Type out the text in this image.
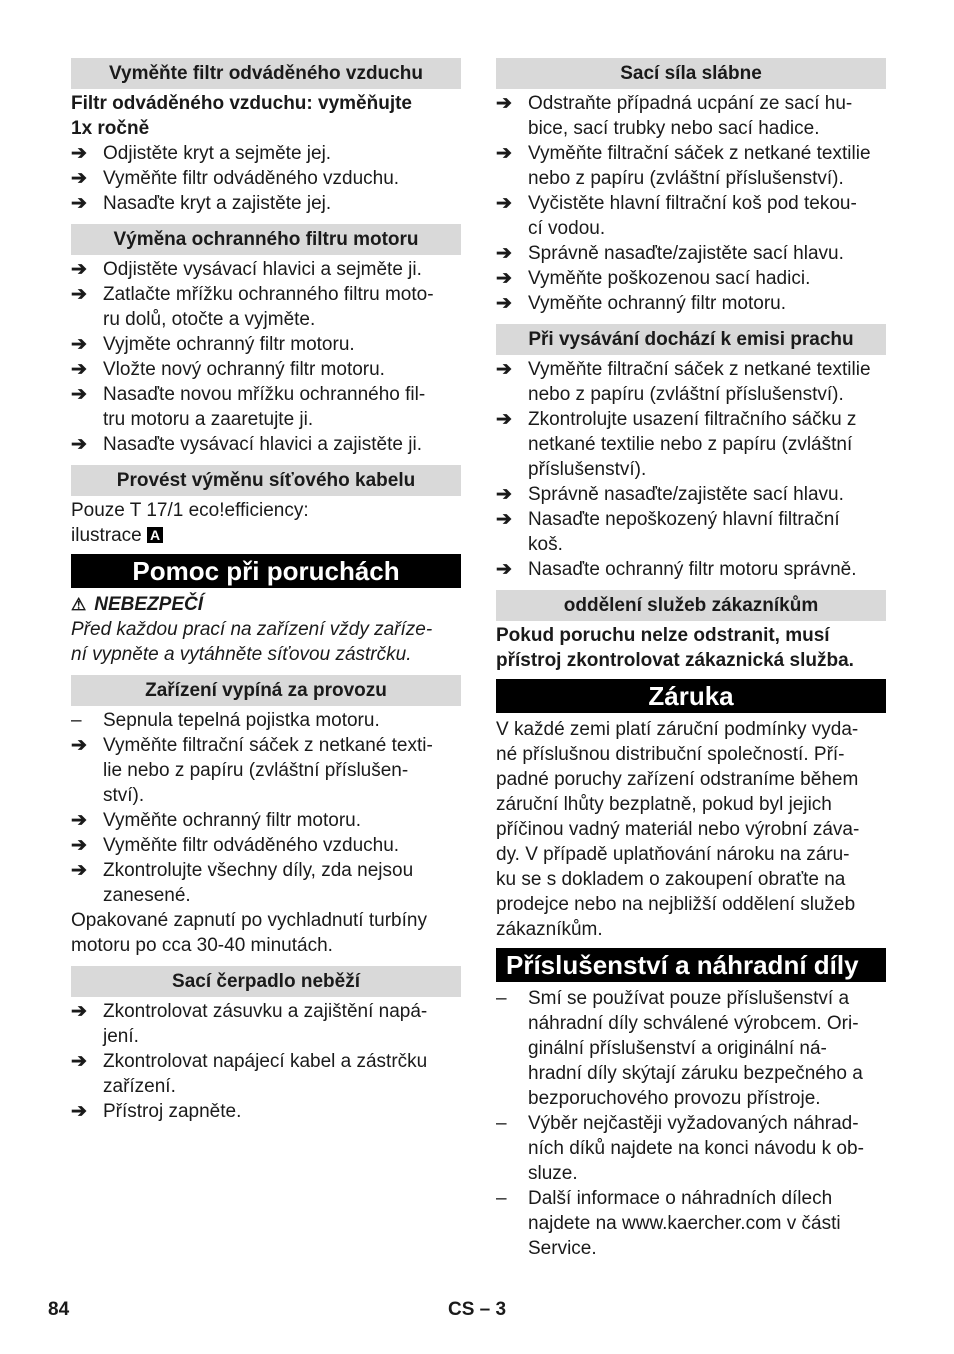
Vyměňte filtr odváděného vzduchu

Filtr odváděného vzduchu: vyměňujte

1x ročně

➔ Odjistěte kryt a sejměte jej.
➔ Vyměňte filtr odváděného vzduchu.
➔ Nasaďte kryt a zajistěte jej.
Výměna ochranného filtru motoru
➔ Odjistěte vysávací hlavici a sejměte ji.
➔ Zatlačte mřížku ochranného filtru moto-
ru dolů, otočte a vyjměte.
➔ Vyjměte ochranný filtr motoru.
➔ Vložte nový ochranný filtr motoru.
➔ Nasaďte novou mřížku ochranného fil-
tru motoru a zaaretujte ji.
➔ Nasaďte vysávací hlavici a zajistěte ji.
Provést výměnu síťového kabelu

Pouze T 17/1 eco!efficiency:

ilustrace A

Pomoc při poruchách

⚠ NEBEZPEČÍ

Před každou prací na zařízení vždy zaříze-

ní vypněte a vytáhněte síťovou zástrčku.

Zařízení vypíná za provozu
–	Sepnula tepelná pojistka motoru.
➔ Vyměňte filtrační sáček z netkané texti-
lie nebo z papíru (zvláštní příslušen-
ství).
➔ Vyměňte ochranný filtr motoru.
➔ Vyměňte filtr odváděného vzduchu.
➔ Zkontrolujte všechny díly, zda nejsou
zanesené.

Opakované zapnutí po vychladnutí turbíny

motoru po cca 30-40 minutách.

Sací čerpadlo neběží
➔ Zkontrolovat zásuvku a zajištění napá-
jení.
➔ Zkontrolovat napájecí kabel a zástrčku
zařízení.
➔ Přístroj zapněte.
Sací síla slábne
➔ Odstraňte případná ucpání ze sací hu-
bice, sací trubky nebo sací hadice.
➔ Vyměňte filtrační sáček z netkané textilie
nebo z papíru (zvláštní příslušenství).
➔ Vyčistěte hlavní filtrační koš pod tekou-
cí vodou.
➔ Správně nasaďte/zajistěte sací hlavu.
➔ Vyměňte poškozenou sací hadici.
➔ Vyměňte ochranný filtr motoru.
Při vysávání dochází k emisi prachu
➔ Vyměňte filtrační sáček z netkané textilie
nebo z papíru (zvláštní příslušenství).
➔ Zkontrolujte usazení filtračního sáčku z
netkané textilie nebo z papíru (zvláštní
příslušenství).
➔ Správně nasaďte/zajistěte sací hlavu.
➔ Nasaďte nepoškozený hlavní filtrační
koš.
➔ Nasaďte ochranný filtr motoru správně.
oddělení služeb zákazníkům

Pokud poruchu nelze odstranit, musí

přístroj zkontrolovat zákaznická služba.

Záruka

V každé zemi platí záruční podmínky vyda-

né příslušnou distribuční společností. Pří-

padné poruchy zařízení odstraníme během

záruční lhůty bezplatně, pokud byl jejich

příčinou vadný materiál nebo výrobní záva-

dy. V případě uplatňování nároku na záru-

ku se s dokladem o zakoupení obraťte na

prodejce nebo na nejbližší oddělení služeb

zákazníkům.

Příslušenství a náhradní díly
–	Smí se používat pouze příslušenství a
náhradní díly schválené výrobcem. Ori-
ginální příslušenství a originální ná-
hradní díly skýtají záruku bezpečného a
bezporuchového provozu přístroje.
–	Výběr nejčastěji vyžadovaných náhrad-
ních díků najdete na konci návodu k ob-
sluze.
–	Další informace o náhradních dílech
najdete na www.kaercher.com v části
Service.
84	CS – 3
